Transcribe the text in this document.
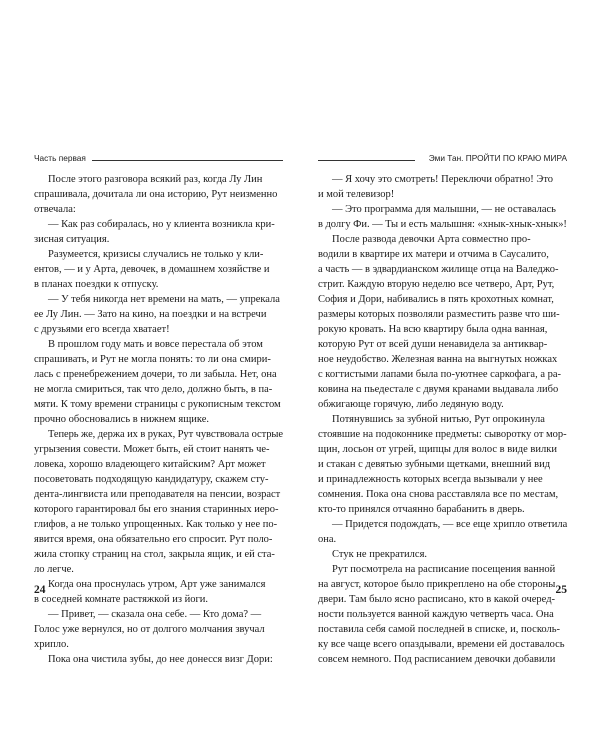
Часть первая

После этого разговора всякий раз, когда Лу Лин

спрашивала, дочитала ли она историю, Рут неизменно

отвечала:

— Как раз собиралась, но у клиента возникла кри-

зисная ситуация.

Разумеется, кризисы случались не только у кли-

ентов, — и у Арта, девочек, в домашнем хозяйстве и

в планах поездки к отпуску.

— У тебя никогда нет времени на мать, — упрекала

ее Лу Лин. — Зато на кино, на поездки и на встречи

с друзьями его всегда хватает!

В прошлом году мать и вовсе перестала об этом

спрашивать, и Рут не могла понять: то ли она смири-

лась с пренебрежением дочери, то ли забыла. Нет, она

не могла смириться, так что дело, должно быть, в па-

мяти. К тому времени страницы с рукописным текстом

прочно обосновались в нижнем ящике.

Теперь же, держа их в руках, Рут чувствовала острые

угрызения совести. Может быть, ей стоит нанять че-

ловека, хорошо владеющего китайским? Арт может

посоветовать подходящую кандидатуру, скажем сту-

дента-лингвиста или преподавателя на пенсии, возраст

которого гарантировал бы его знания старинных иеро-

глифов, а не только упрощенных. Как только у нее по-

явится время, она обязательно его спросит. Рут поло-

жила стопку страниц на стол, закрыла ящик, и ей ста-

ло легче.

Когда она проснулась утром, Арт уже занимался

в соседней комнате растяжкой из йоги.

— Привет, — сказала она себе. — Кто дома? —

Голос уже вернулся, но от долгого молчания звучал

хрипло.

Пока она чистила зубы, до нее донесся визг Дори:

24
Эми Тан. ПРОЙТИ ПО КРАЮ МИРА

— Я хочу это смотреть! Переключи обратно! Это

и мой телевизор!

— Это программа для малышни, — не оставалась

в долгу Фи. — Ты и есть малышня: «хнык-хнык-хнык»!

После развода девочки Арта совместно про-

водили в квартире их матери и отчима в Саусалито,

а часть — в эдвардианском жилище отца на Валеджо-

стрит. Каждую вторую неделю все четверо, Арт, Рут,

София и Дори, набивались в пять крохотных комнат,

размеры которых позволяли разместить разве что ши-

рокую кровать. На всю квартиру была одна ванная,

которую Рут от всей души ненавидела за антиквар-

ное неудобство. Железная ванна на выгнутых ножках

с когтистыми лапами была по-уютнее саркофага, а ра-

ковина на пьедестале с двумя кранами выдавала либо

обжигающе горячую, либо ледяную воду.

Потянувшись за зубной нитью, Рут опрокинула

стоявшие на подоконнике предметы: сыворотку от мор-

щин, лосьон от угрей, щипцы для волос в виде вилки

и стакан с девятью зубными щетками, внешний вид

и принадлежность которых всегда вызывали у нее

сомнения. Пока она снова расставляла все по местам,

кто-то принялся отчаянно барабанить в дверь.

— Придется подождать, — все еще хрипло ответила

она.

Стук не прекратился.

Рут посмотрела на расписание посещения ванной

на август, которое было прикреплено на обе стороны

двери. Там было ясно расписано, кто в какой очеред-

ности пользуется ванной каждую четверть часа. Она

поставила себя самой последней в списке, и, посколь-

ку все чаще всего опаздывали, времени ей доставалось

совсем немного. Под расписанием девочки добавили

25
